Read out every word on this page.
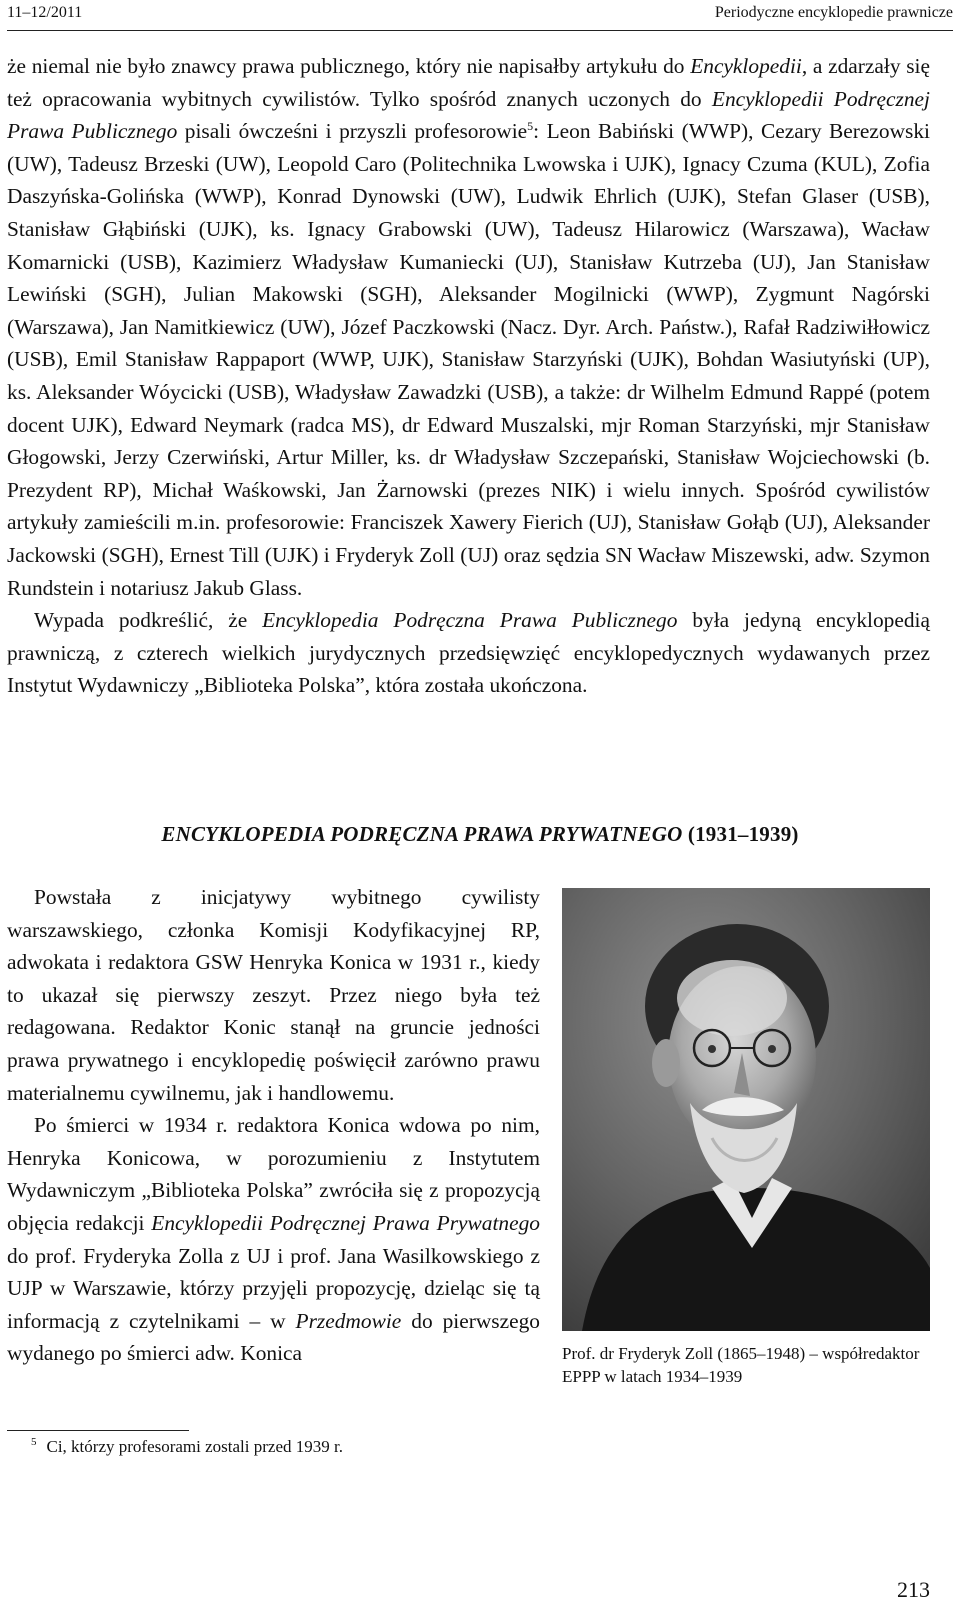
11–12/2011	Periodyczne encyklopedie prawnicze

że niemal nie było znawcy prawa publicznego, który nie napisałby artykułu do Encyklopedii, a zdarzały się też opracowania wybitnych cywilistów. Tylko spośród znanych uczonych do Encyklopedii Podręcznej Prawa Publicznego pisali ówcześni i przyszli profesorowie$^5$: Leon Babiński (WWP), Cezary Berezowski (UW), Tadeusz Brzeski (UW), Leopold Caro (Politechnika Lwowska i UJK), Ignacy Czuma (KUL), Zofia Daszyńska-Golińska (WWP), Konrad Dynowski (UW), Ludwik Ehrlich (UJK), Stefan Glaser (USB), Stanisław Głąbiński (UJK), ks. Ignacy Grabowski (UW), Tadeusz Hilarowicz (Warszawa), Wacław Komarnicki (USB), Kazimierz Władysław Kumaniecki (UJ), Stanisław Kutrzeba (UJ), Jan Stanisław Lewiński (SGH), Julian Makowski (SGH), Aleksander Mogilnicki (WWP), Zygmunt Nagórski (Warszawa), Jan Namitkiewicz (UW), Józef Paczkowski (Nacz. Dyr. Arch. Państw.), Rafał Radziwiłłowicz (USB), Emil Stanisław Rappaport (WWP, UJK), Stanisław Starzyński (UJK), Bohdan Wasiutyński (UP), ks. Aleksander Wóycicki (USB), Władysław Zawadzki (USB), a także: dr Wilhelm Edmund Rappé (potem docent UJK), Edward Neymark (radca MS), dr Edward Muszalski, mjr Roman Starzyński, mjr Stanisław Głogowski, Jerzy Czerwiński, Artur Miller, ks. dr Władysław Szczepański, Stanisław Wojciechowski (b. Prezydent RP), Michał Waśkowski, Jan Żarnowski (prezes NIK) i wielu innych. Spośród cywilistów artykuły zamieścili m.in. profesorowie: Franciszek Xawery Fierich (UJ), Stanisław Gołąb (UJ), Aleksander Jackowski (SGH), Ernest Till (UJK) i Fryderyk Zoll (UJ) oraz sędzia SN Wacław Miszewski, adw. Szymon Rundstein i notariusz Jakub Glass.

Wypada podkreślić, że Encyklopedia Podręczna Prawa Publicznego była jedyną encyklopedią prawniczą, z czterech wielkich jurydycznych przedsięwzięć encyklopedycznych wydawanych przez Instytut Wydawniczy „Biblioteka Polska”, która została ukończona.

ENCYKLOPEDIA PODRĘCZNA PRAWA PRYWATNEGO (1931–1939)

Powstała z inicjatywy wybitnego cywilisty warszawskiego, członka Komisji Kodyfikacyjnej RP, adwokata i redaktora GSW Henryka Konica w 1931 r., kiedy to ukazał się pierwszy zeszyt. Przez niego była też redagowana. Redaktor Konic stanął na gruncie jedności prawa prywatnego i encyklopedię poświęcił zarówno prawu materialnemu cywilnemu, jak i handlowemu.

Po śmierci w 1934 r. redaktora Konica wdowa po nim, Henryka Konicowa, w porozumieniu z Instytutem Wydawniczym „Biblioteka Polska” zwróciła się z propozycją objęcia redakcji Encyklopedii Podręcznej Prawa Prywatnego do prof. Fryderyka Zolla z UJ i prof. Jana Wasilkowskiego z UJP w Warszawie, którzy przyjęli propozycję, dzieląc się tą informacją z czytelnikami – w Przedmowie do pierwszego wydanego po śmierci adw. Konica	Prof. dr Fryderyk Zoll (1865–1948) – współredaktor EPPP w latach 1934–1939
$^5$ Ci, którzy profesorami zostali przed 1939 r.
213
